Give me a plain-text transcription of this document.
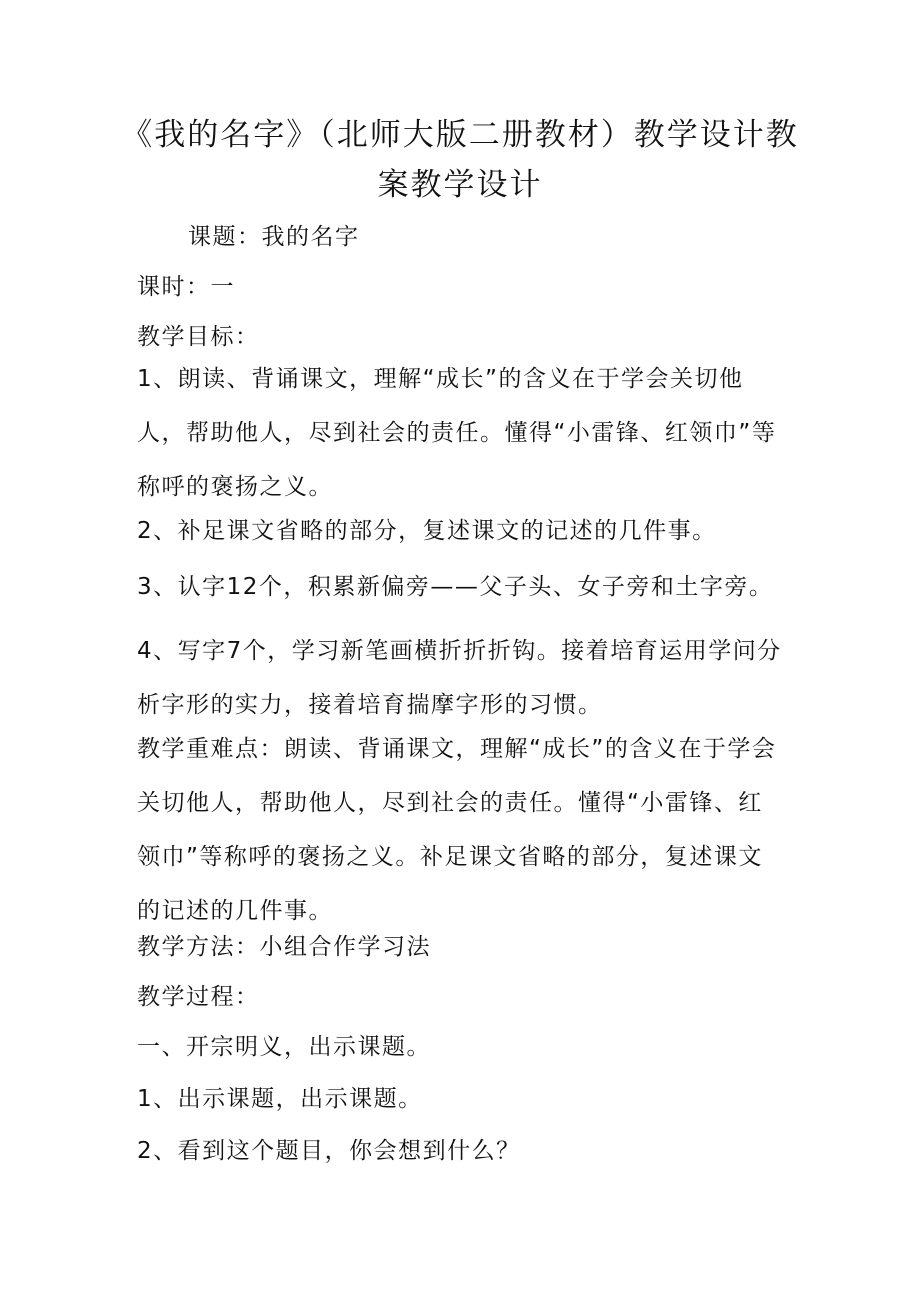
《我的名字》（北师大版二册教材）教学设计教案教学设计
课题：我的名字
课时：一
教学目标：
1、朗读、背诵课文，理解“成长”的含义在于学会关切他人，帮助他人，尽到社会的责任。懂得“小雷锋、红领巾”等称呼的褒扬之义。
2、补足课文省略的部分，复述课文的记述的几件事。
3、认字12个，积累新偏旁——父子头、女子旁和土字旁。
4、写字7个，学习新笔画横折折折钩。接着培育运用学问分析字形的实力，接着培育揣摩字形的习惯。
教学重难点：朗读、背诵课文，理解“成长”的含义在于学会关切他人，帮助他人，尽到社会的责任。懂得“小雷锋、红领巾”等称呼的褒扬之义。补足课文省略的部分，复述课文的记述的几件事。
教学方法：小组合作学习法
教学过程：
一、开宗明义，出示课题。
1、出示课题，出示课题。
2、看到这个题目，你会想到什么？
